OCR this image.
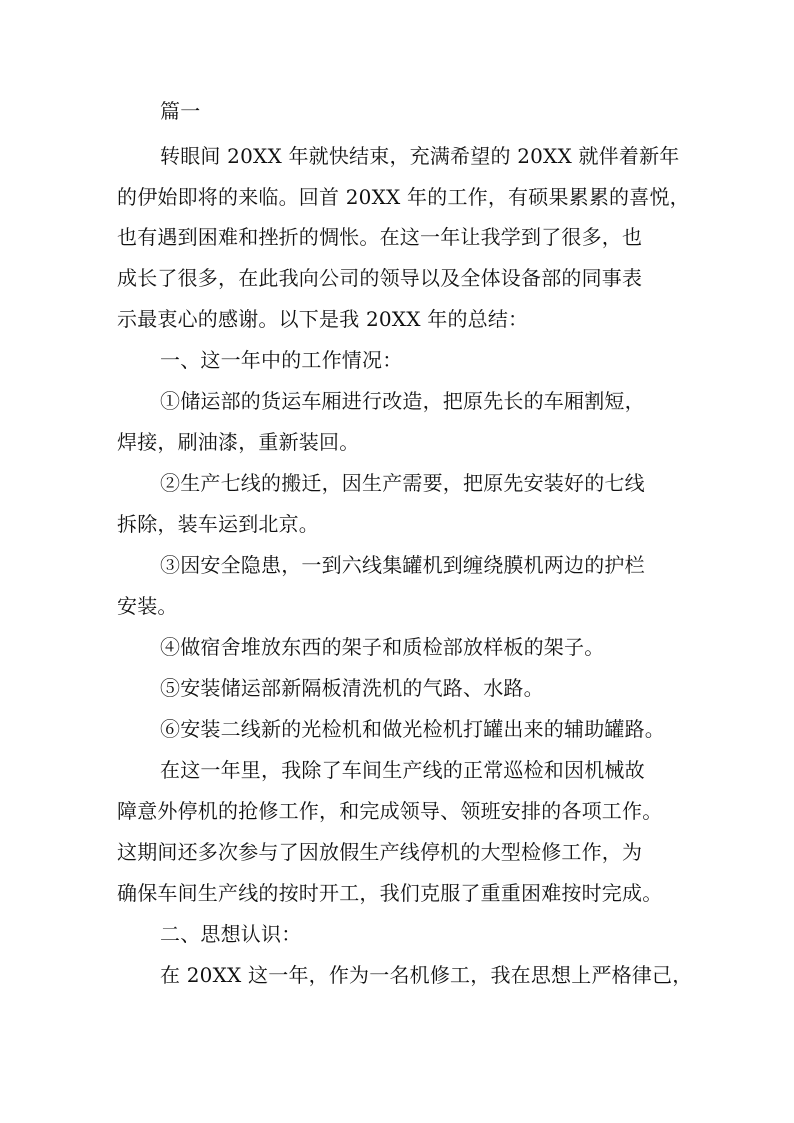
篇一
转眼间 20XX 年就快结束，充满希望的 20XX 就伴着新年
的伊始即将的来临。回首 20XX 年的工作，有硕果累累的喜悦，
也有遇到困难和挫折的惆怅。在这一年让我学到了很多，也
成长了很多，在此我向公司的领导以及全体设备部的同事表
示最衷心的感谢。以下是我 20XX 年的总结：
一、这一年中的工作情况：
①储运部的货运车厢进行改造，把原先长的车厢割短，
焊接，刷油漆，重新装回。
②生产七线的搬迁，因生产需要，把原先安装好的七线
拆除，装车运到北京。
③因安全隐患，一到六线集罐机到缠绕膜机两边的护栏
安装。
④做宿舍堆放东西的架子和质检部放样板的架子。
⑤安装储运部新隔板清洗机的气路、水路。
⑥安装二线新的光检机和做光检机打罐出来的辅助罐路。
在这一年里，我除了车间生产线的正常巡检和因机械故
障意外停机的抢修工作，和完成领导、领班安排的各项工作。
这期间还多次参与了因放假生产线停机的大型检修工作，为
确保车间生产线的按时开工，我们克服了重重困难按时完成。
二、思想认识：
在 20XX 这一年，作为一名机修工，我在思想上严格律己，
